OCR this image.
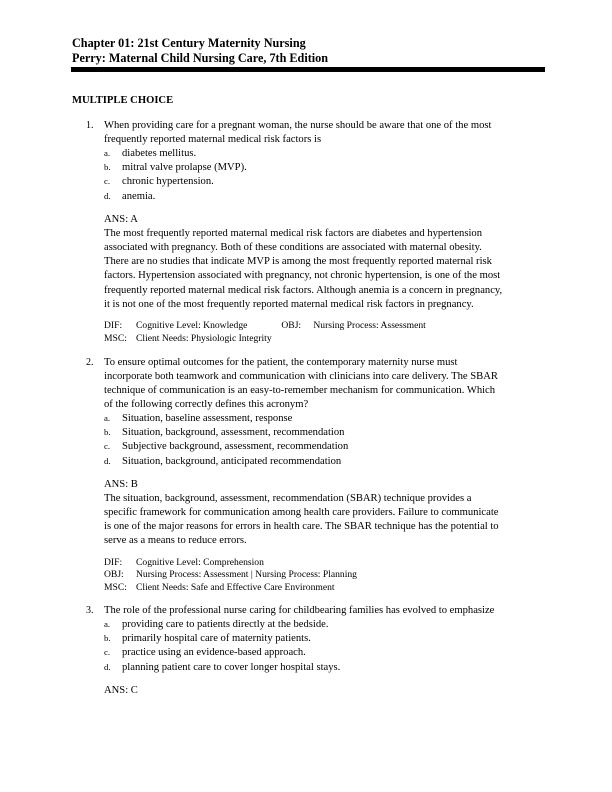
Chapter 01: 21st Century Maternity Nursing
Perry: Maternal Child Nursing Care, 7th Edition
MULTIPLE CHOICE
1. When providing care for a pregnant woman, the nurse should be aware that one of the most
frequently reported maternal medical risk factors is
a. diabetes mellitus.
b. mitral valve prolapse (MVP).
c. chronic hypertension.
d. anemia.
ANS: A
The most frequently reported maternal medical risk factors are diabetes and hypertension
associated with pregnancy. Both of these conditions are associated with maternal obesity.
There are no studies that indicate MVP is among the most frequently reported maternal risk
factors. Hypertension associated with pregnancy, not chronic hypertension, is one of the most
frequently reported maternal medical risk factors. Although anemia is a concern in pregnancy,
it is not one of the most frequently reported maternal medical risk factors in pregnancy.
DIF: Cognitive Level: Knowledge	OBJ: Nursing Process: Assessment
MSC: Client Needs: Physiologic Integrity
2. To ensure optimal outcomes for the patient, the contemporary maternity nurse must
incorporate both teamwork and communication with clinicians into care delivery. The SBAR
technique of communication is an easy-to-remember mechanism for communication. Which
of the following correctly defines this acronym?
a. Situation, baseline assessment, response
b. Situation, background, assessment, recommendation
c. Subjective background, assessment, recommendation
d. Situation, background, anticipated recommendation
ANS: B
The situation, background, assessment, recommendation (SBAR) technique provides a
specific framework for communication among health care providers. Failure to communicate
is one of the major reasons for errors in health care. The SBAR technique has the potential to
serve as a means to reduce errors.
DIF: Cognitive Level: Comprehension
OBJ: Nursing Process: Assessment | Nursing Process: Planning
MSC: Client Needs: Safe and Effective Care Environment
3. The role of the professional nurse caring for childbearing families has evolved to emphasize
a. providing care to patients directly at the bedside.
b. primarily hospital care of maternity patients.
c. practice using an evidence-based approach.
d. planning patient care to cover longer hospital stays.
ANS: C
